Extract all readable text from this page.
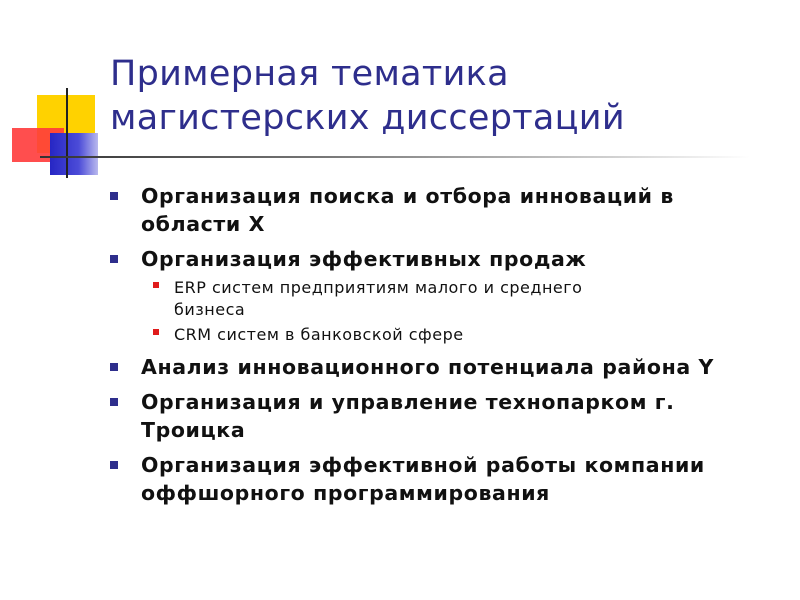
Примерная тематика
магистерских диссертаций
Организация поиска и отбора инноваций в
области X
Организация эффективных продаж
ERP систем предприятиям малого и среднего
бизнеса
CRM систем в банковской сфере
Анализ инновационного потенциала района Y
Организация и управление технопарком г.
Троицка
Организация эффективной работы компании
оффшорного программирования
